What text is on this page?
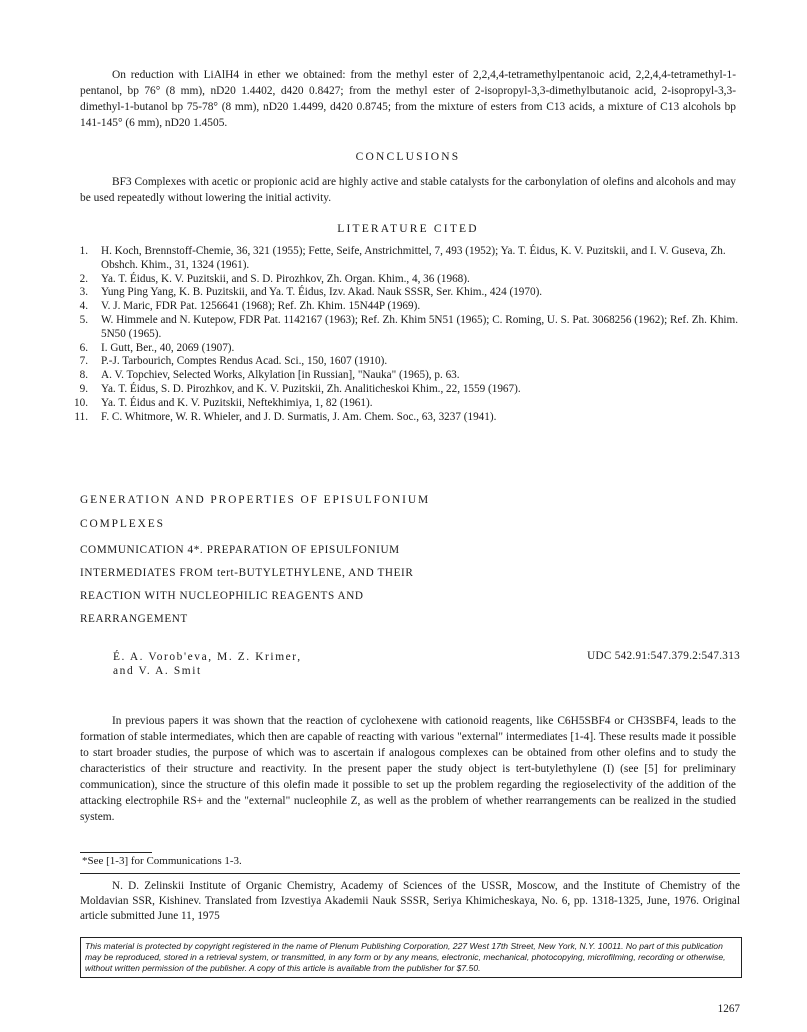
On reduction with LiAlH4 in ether we obtained: from the methyl ester of 2,2,4,4-tetramethylpentanoic acid, 2,2,4,4-tetramethyl-1-pentanol, bp 76° (8 mm), nD20 1.4402, d420 0.8427; from the methyl ester of 2-isopropyl-3,3-dimethylbutanoic acid, 2-isopropyl-3,3-dimethyl-1-butanol bp 75-78° (8 mm), nD20 1.4499, d420 0.8745; from the mixture of esters from C13 acids, a mixture of C13 alcohols bp 141-145° (6 mm), nD20 1.4505.

CONCLUSIONS

BF3 Complexes with acetic or propionic acid are highly active and stable catalysts for the carbonylation of olefins and alcohols and may be used repeatedly without lowering the initial activity.

LITERATURE CITED
1.	H. Koch, Brennstoff-Chemie, 36, 321 (1955); Fette, Seife, Anstrichmittel, 7, 493 (1952); Ya. T. Éidus, K. V. Puzitskii, and I. V. Guseva, Zh. Obshch. Khim., 31, 1324 (1961).
2.	Ya. T. Éidus, K. V. Puzitskii, and S. D. Pirozhkov, Zh. Organ. Khim., 4, 36 (1968).
3.	Yung Ping Yang, K. B. Puzitskii, and Ya. T. Éidus, Izv. Akad. Nauk SSSR, Ser. Khim., 424 (1970).
4.	V. J. Maric, FDR Pat. 1256641 (1968); Ref. Zh. Khim. 15N44P (1969).
5.	W. Himmele and N. Kutepow, FDR Pat. 1142167 (1963); Ref. Zh. Khim 5N51 (1965); C. Roming, U. S. Pat. 3068256 (1962); Ref. Zh. Khim. 5N50 (1965).
6.	I. Gutt, Ber., 40, 2069 (1907).
7.	P.-J. Tarbourich, Comptes Rendus Acad. Sci., 150, 1607 (1910).
8.	A. V. Topchiev, Selected Works, Alkylation [in Russian], "Nauka" (1965), p. 63.
9.	Ya. T. Éidus, S. D. Pirozhkov, and K. V. Puzitskii, Zh. Analiticheskoi Khim., 22, 1559 (1967).
10.	Ya. T. Éidus and K. V. Puzitskii, Neftekhimiya, 1, 82 (1961).
11.	F. C. Whitmore, W. R. Whieler, and J. D. Surmatis, J. Am. Chem. Soc., 63, 3237 (1941).
GENERATION AND PROPERTIES OF EPISULFONIUM
COMPLEXES
COMMUNICATION 4*. PREPARATION OF EPISULFONIUM
INTERMEDIATES FROM tert-BUTYLETHYLENE, AND THEIR
REACTION WITH NUCLEOPHILIC REAGENTS AND
REARRANGEMENT
É. A. Vorob'eva, M. Z. Krimer,
and V. A. Smit
UDC 542.91:547.379.2:547.313

In previous papers it was shown that the reaction of cyclohexene with cationoid reagents, like C6H5SBF4 or CH3SBF4, leads to the formation of stable intermediates, which then are capable of reacting with various "external" intermediates [1-4]. These results made it possible to start broader studies, the purpose of which was to ascertain if analogous complexes can be obtained from other olefins and to study the characteristics of their structure and reactivity. In the present paper the study object is tert-butylethylene (I) (see [5] for preliminary communication), since the structure of this olefin made it possible to set up the problem regarding the regioselectivity of the addition of the attacking electrophile RS+ and the "external" nucleophile Z, as well as the problem of whether rearrangements can be realized in the studied system.

*See [1-3] for Communications 1-3.

N. D. Zelinskii Institute of Organic Chemistry, Academy of Sciences of the USSR, Moscow, and the Institute of Chemistry of the Moldavian SSR, Kishinev. Translated from Izvestiya Akademii Nauk SSSR, Seriya Khimicheskaya, No. 6, pp. 1318-1325, June, 1976. Original article submitted June 11, 1975

This material is protected by copyright registered in the name of Plenum Publishing Corporation, 227 West 17th Street, New York, N.Y. 10011. No part of this publication may be reproduced, stored in a retrieval system, or transmitted, in any form or by any means, electronic, mechanical, photocopying, microfilming, recording or otherwise, without written permission of the publisher. A copy of this article is available from the publisher for $7.50.
1267
